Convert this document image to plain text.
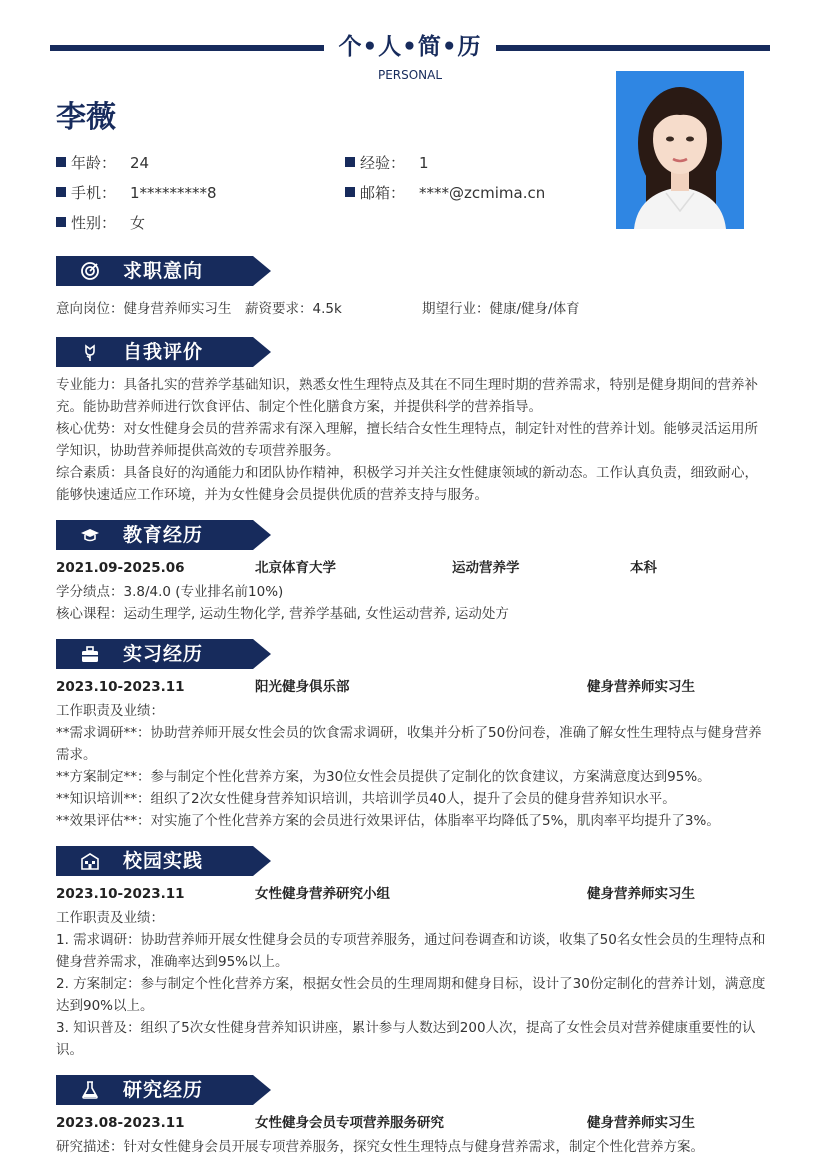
个•人•简•历
PERSONAL
李薇
年龄： 24	经验： 1
手机： 1*********8	邮箱： ****@zcmima.cn
性别： 女
求职意向
意向岗位：健身营养师实习生 薪资要求：4.5k	期望行业：健康/健身/体育
自我评价
专业能力：具备扎实的营养学基础知识，熟悉女性生理特点及其在不同生理时期的营养需求，特别是健身期间的营养补充。能协助营养师进行饮食评估、制定个性化膳食方案，并提供科学的营养指导。
核心优势：对女性健身会员的营养需求有深入理解，擅长结合女性生理特点，制定针对性的营养计划。能够灵活运用所学知识，协助营养师提供高效的专项营养服务。
综合素质：具备良好的沟通能力和团队协作精神，积极学习并关注女性健康领域的新动态。工作认真负责，细致耐心，能够快速适应工作环境，并为女性健身会员提供优质的营养支持与服务。
教育经历
2021.09-2025.06	北京体育大学	运动营养学	本科
学分绩点：3.8/4.0 (专业排名前10%)
核心课程：运动生理学, 运动生物化学, 营养学基础, 女性运动营养, 运动处方
实习经历
2023.10-2023.11	阳光健身俱乐部	健身营养师实习生
工作职责及业绩：
**需求调研**：协助营养师开展女性会员的饮食需求调研，收集并分析了50份问卷，准确了解女性生理特点与健身营养需求。
**方案制定**：参与制定个性化营养方案，为30位女性会员提供了定制化的饮食建议，方案满意度达到95%。
**知识培训**：组织了2次女性健身营养知识培训，共培训学员40人，提升了会员的健身营养知识水平。
**效果评估**：对实施了个性化营养方案的会员进行效果评估，体脂率平均降低了5%，肌肉率平均提升了3%。
校园实践
2023.10-2023.11	女性健身营养研究小组	健身营养师实习生
工作职责及业绩：
1. 需求调研：协助营养师开展女性健身会员的专项营养服务，通过问卷调查和访谈，收集了50名女性会员的生理特点和健身营养需求，准确率达到95%以上。
2. 方案制定：参与制定个性化营养方案，根据女性会员的生理周期和健身目标，设计了30份定制化的营养计划，满意度达到90%以上。
3. 知识普及：组织了5次女性健身营养知识讲座，累计参与人数达到200人次，提高了女性会员对营养健康重要性的认识。
研究经历
2023.08-2023.11	女性健身会员专项营养服务研究	健身营养师实习生
研究描述：针对女性健身会员开展专项营养服务，探究女性生理特点与健身营养需求，制定个性化营养方案。
